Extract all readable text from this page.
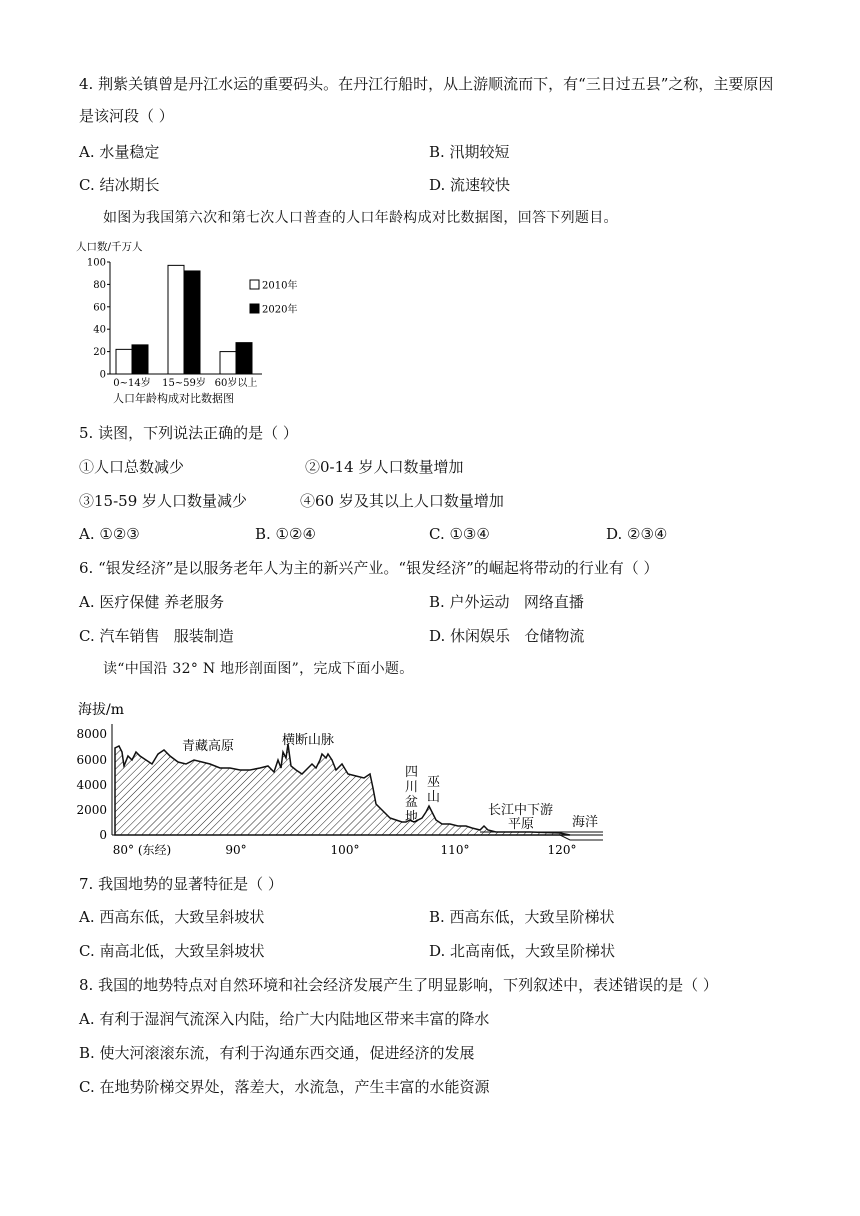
4. 荆紫关镇曾是丹江水运的重要码头。在丹江行船时，从上游顺流而下，有“三日过五县”之称，主要原因
是该河段（ ）
A. 水量稳定	B. 汛期较短
C. 结冰期长	D. 流速较快
如图为我国第六次和第七次人口普查的人口年龄构成对比数据图，回答下列题目。
人口数/千万人
0
20
40
60
80
100
0~14岁 15~59岁 60岁以上
2010年
2020年
人口年龄构成对比数据图
5. 读图，下列说法正确的是（ ）
①人口总数减少	②0-14 岁人口数量增加
③15-59 岁人口数量减少	④60 岁及其以上人口数量增加
A. ①②③	B. ①②④	C. ①③④	D. ②③④
6. “银发经济”是以服务老年人为主的新兴产业。“银发经济”的崛起将带动的行业有（ ）
A. 医疗保健 养老服务	B. 户外运动   网络直播
C. 汽车销售   服装制造	D. 休闲娱乐   仓储物流
读“中国沿 32° N 地形剖面图”，完成下面小题。
海拔/m
8000
6000
4000
2000
0
80° (东经)	90°	100°	110°	120°
青藏高原	横断山脉
四 川 盆 地
巫 山
长江中下游
平原	海洋
7. 我国地势的显著特征是（ ）
A. 西高东低，大致呈斜坡状	B. 西高东低，大致呈阶梯状
C. 南高北低，大致呈斜坡状	D. 北高南低，大致呈阶梯状
8. 我国的地势特点对自然环境和社会经济发展产生了明显影响，下列叙述中，表述错误的是（ ）
A. 有利于湿润气流深入内陆，给广大内陆地区带来丰富的降水
B. 使大河滚滚东流，有利于沟通东西交通，促进经济的发展
C. 在地势阶梯交界处，落差大，水流急，产生丰富的水能资源
